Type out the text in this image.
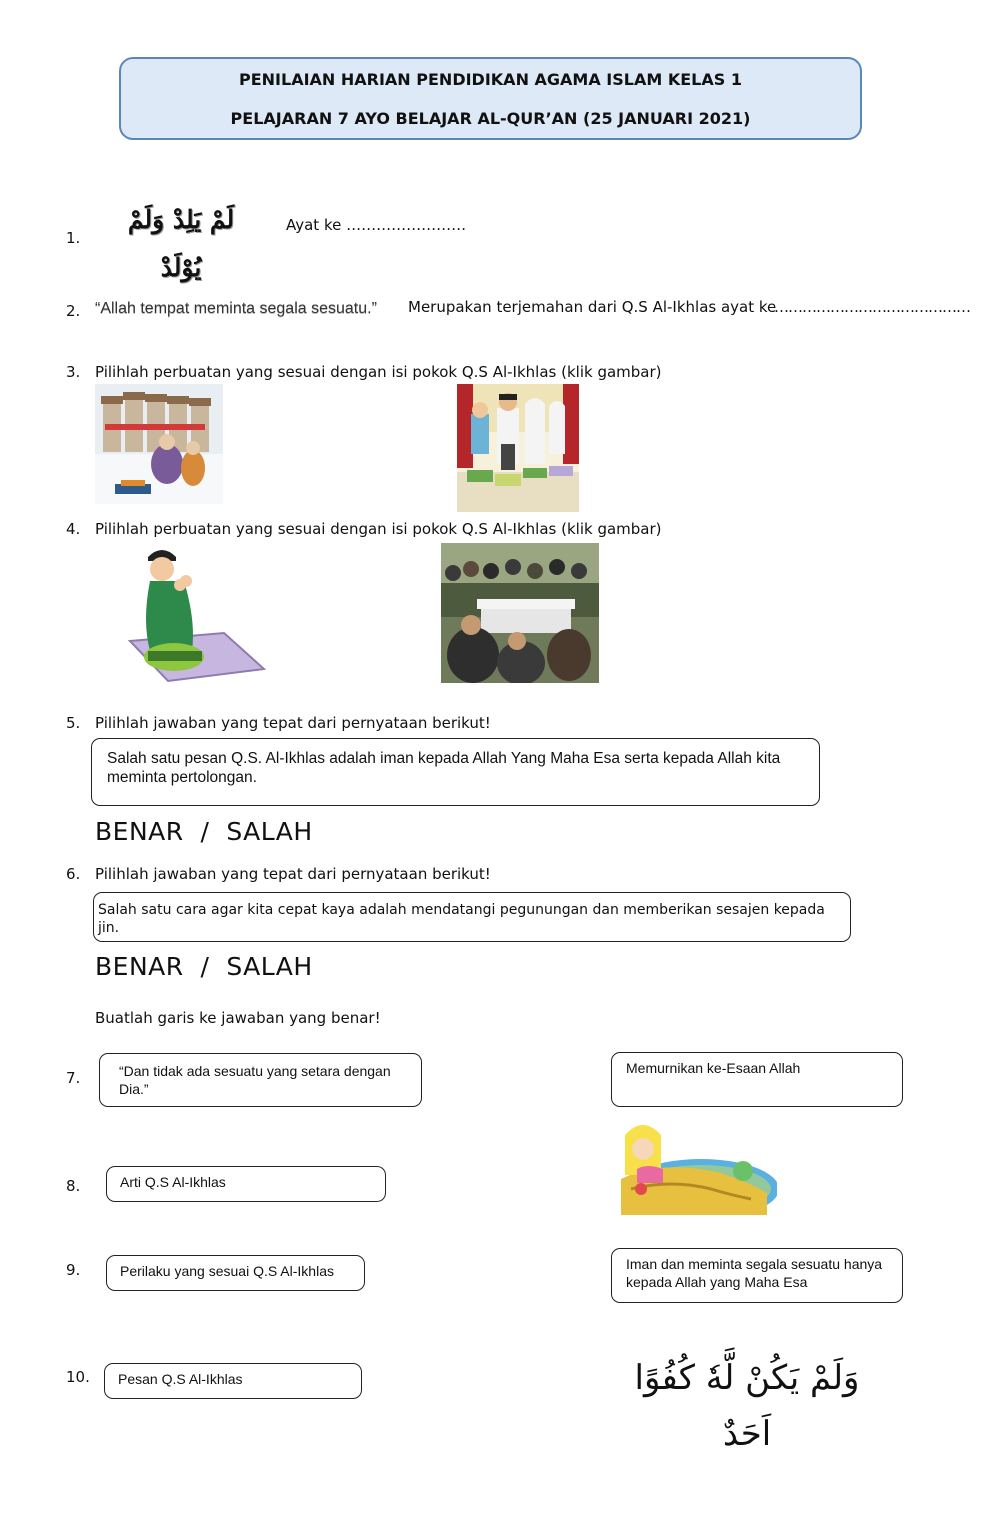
PENILAIAN HARIAN PENDIDIKAN AGAMA ISLAM KELAS 1
PELAJARAN 7 AYO BELAJAR AL-QUR’AN (25 JANUARI 2021)
1.
لَمْ يَلِدْ وَلَمْ يُوْلَدْ
Ayat ke ……………………
2. “Allah tempat meminta segala sesuatu.” Merupakan terjemahan dari Q.S Al-Ikhlas ayat ke
……………………………………
3. Pilihlah perbuatan yang sesuai dengan isi pokok Q.S Al-Ikhlas (klik gambar)
4. Pilihlah perbuatan yang sesuai dengan isi pokok Q.S Al-Ikhlas (klik gambar)
5. Pilihlah jawaban yang tepat dari pernyataan berikut!
Salah satu pesan Q.S. Al-Ikhlas adalah iman kepada Allah Yang Maha Esa serta kepada Allah kita meminta pertolongan.
BENAR  /  SALAH
6. Pilihlah jawaban yang tepat dari pernyataan berikut!
Salah satu cara agar kita cepat kaya adalah mendatangi pegunungan dan memberikan sesajen kepada jin.
BENAR  /  SALAH
Buatlah garis ke jawaban yang benar!
7.	“Dan tidak ada sesuatu yang setara dengan Dia.”
8.	Arti Q.S Al-Ikhlas
9.	Perilaku yang sesuai Q.S Al-Ikhlas
10.	Pesan Q.S Al-Ikhlas
Memurnikan ke-Esaan Allah
Iman dan meminta segala sesuatu hanya kepada Allah yang Maha Esa
وَلَمْ يَكُنْ لَّهٗ كُفُوًا اَحَدٌ
